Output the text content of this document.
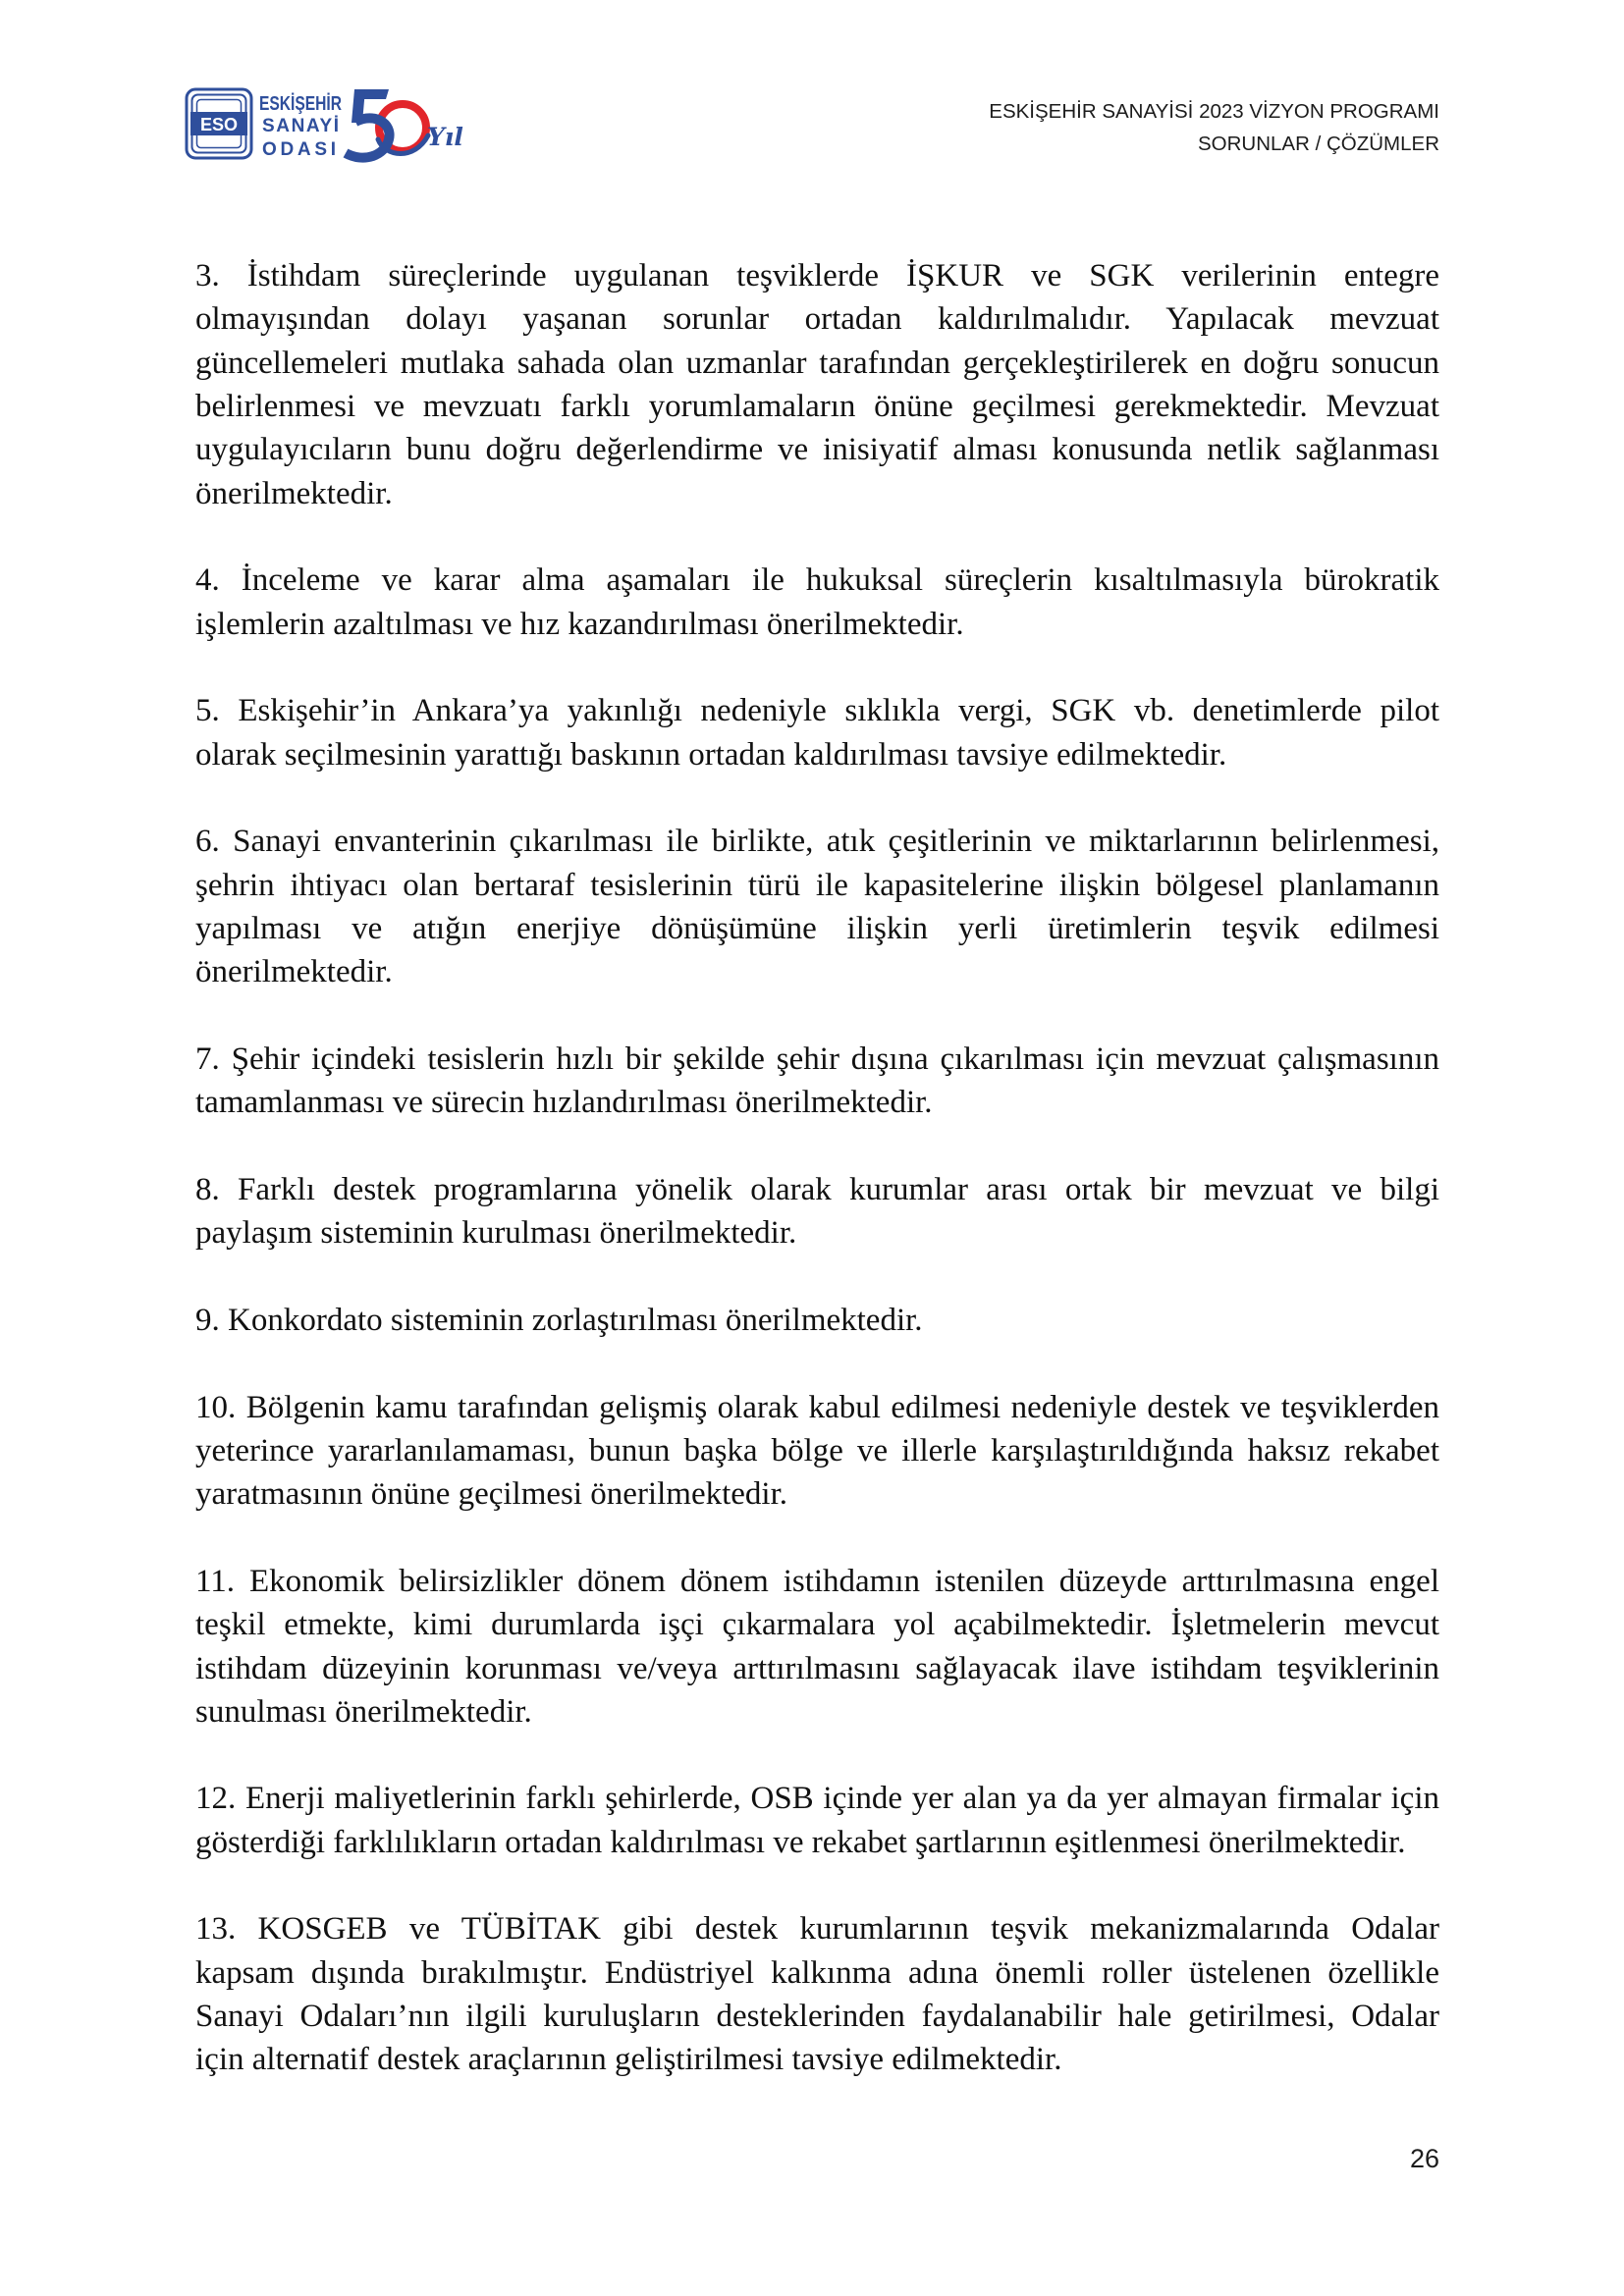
ESO
ESKİŞEHİR
SANAYİ
ODASI	Yıl
ESKİŞEHİR SANAYİSİ 2023 VİZYON PROGRAMI
SORUNLAR / ÇÖZÜMLER
3. İstihdam süreçlerinde uygulanan teşviklerde İŞKUR ve SGK verilerinin entegre
olmayışından dolayı yaşanan sorunlar ortadan kaldırılmalıdır. Yapılacak mevzuat
güncellemeleri mutlaka sahada olan uzmanlar tarafından gerçekleştirilerek en doğru sonucun
belirlenmesi ve mevzuatı farklı yorumlamaların önüne geçilmesi gerekmektedir. Mevzuat
uygulayıcıların bunu doğru değerlendirme ve inisiyatif alması konusunda netlik sağlanması
önerilmektedir.
4. İnceleme ve karar alma aşamaları ile hukuksal süreçlerin kısaltılmasıyla bürokratik
işlemlerin azaltılması ve hız kazandırılması önerilmektedir.
5. Eskişehir’in Ankara’ya yakınlığı nedeniyle sıklıkla vergi, SGK vb. denetimlerde pilot
olarak seçilmesinin yarattığı baskının ortadan kaldırılması tavsiye edilmektedir.
6. Sanayi envanterinin çıkarılması ile birlikte, atık çeşitlerinin ve miktarlarının belirlenmesi,
şehrin ihtiyacı olan bertaraf tesislerinin türü ile kapasitelerine ilişkin bölgesel planlamanın
yapılması ve atığın enerjiye dönüşümüne ilişkin yerli üretimlerin teşvik edilmesi
önerilmektedir.
7. Şehir içindeki tesislerin hızlı bir şekilde şehir dışına çıkarılması için mevzuat çalışmasının
tamamlanması ve sürecin hızlandırılması önerilmektedir.
8. Farklı destek programlarına yönelik olarak kurumlar arası ortak bir mevzuat ve bilgi
paylaşım sisteminin kurulması önerilmektedir.
9. Konkordato sisteminin zorlaştırılması önerilmektedir.
10. Bölgenin kamu tarafından gelişmiş olarak kabul edilmesi nedeniyle destek ve teşviklerden
yeterince yararlanılamaması, bunun başka bölge ve illerle karşılaştırıldığında haksız rekabet
yaratmasının önüne geçilmesi önerilmektedir.
11. Ekonomik belirsizlikler dönem dönem istihdamın istenilen düzeyde arttırılmasına engel
teşkil etmekte, kimi durumlarda işçi çıkarmalara yol açabilmektedir. İşletmelerin mevcut
istihdam düzeyinin korunması ve/veya arttırılmasını sağlayacak ilave istihdam teşviklerinin
sunulması önerilmektedir.
12. Enerji maliyetlerinin farklı şehirlerde, OSB içinde yer alan ya da yer almayan firmalar için
gösterdiği farklılıkların ortadan kaldırılması ve rekabet şartlarının eşitlenmesi önerilmektedir.
13. KOSGEB ve TÜBİTAK gibi destek kurumlarının teşvik mekanizmalarında Odalar
kapsam dışında bırakılmıştır. Endüstriyel kalkınma adına önemli roller üstelenen özellikle
Sanayi Odaları’nın ilgili kuruluşların desteklerinden faydalanabilir hale getirilmesi, Odalar
için alternatif destek araçlarının geliştirilmesi tavsiye edilmektedir.
26
